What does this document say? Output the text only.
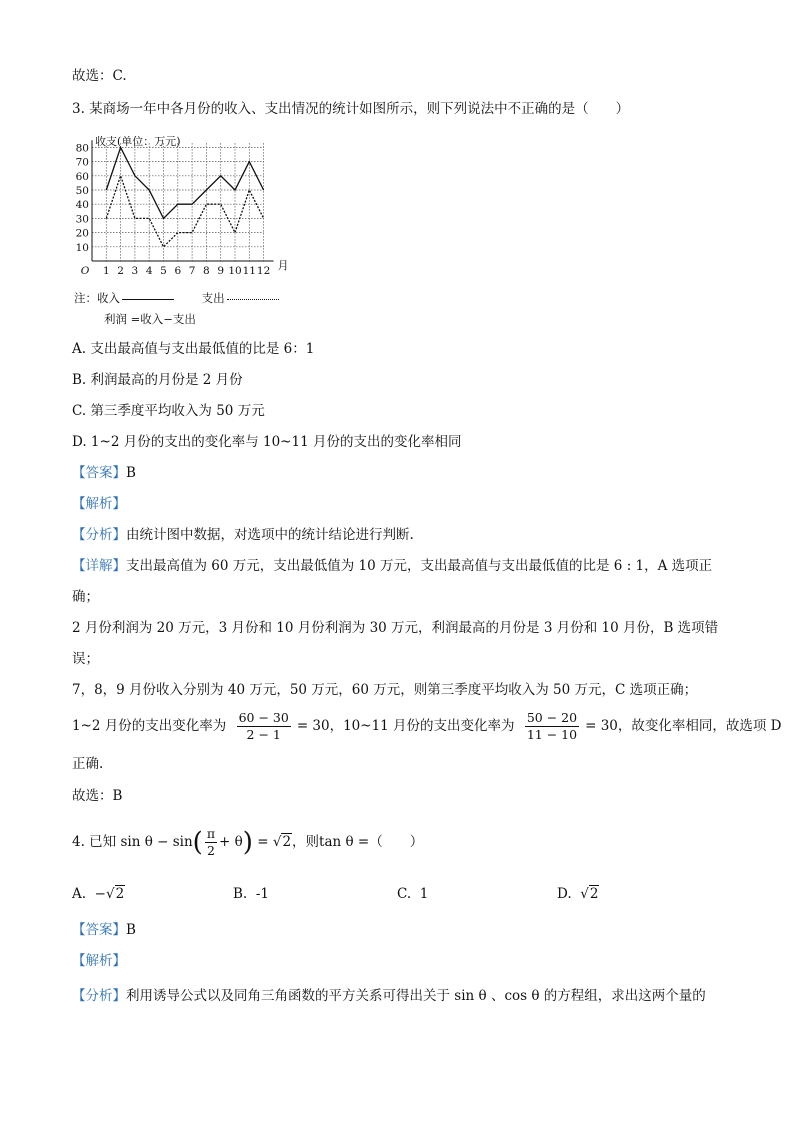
故选：C.
3. 某商场一年中各月份的收入、支出情况的统计如图所示，则下列说法中不正确的是（　　）
10
20
30
40
50
60
70
80
O 1 2 3 4 5 6 7 8 9 10 11 12 月
收支(单位：万元)
注：收入	支出
利润 =收入−支出
A. 支出最高值与支出最低值的比是 6：1
B. 利润最高的月份是 2 月份
C. 第三季度平均收入为 50 万元
D. 1~2 月份的支出的变化率与 10~11 月份的支出的变化率相同
【答案】B
【解析】
【分析】由统计图中数据，对选项中的统计结论进行判断.
【详解】支出最高值为 60 万元，支出最低值为 10 万元，支出最高值与支出最低值的比是 6 : 1，A 选项正
确；
2 月份利润为 20 万元，3 月份和 10 月份利润为 30 万元，利润最高的月份是 3 月份和 10 月份，B 选项错
误；
7，8，9 月份收入分别为 40 万元，50 万元，60 万元，则第三季度平均收入为 50 万元，C 选项正确；
1~2 月份的支出变化率为 $\frac{60 - 30}{2 - 1} = 30$，10~11 月份的支出变化率为 $\frac{50 - 20}{11 - 10} = 30$，故变化率相同，故选项 D
正确.
故选：B
4. 已知 $\sin \theta - \sin( \frac{\pi}{2} + \theta) = √2$，则tan θ =（　　）
A. −√2	B. -1	C. 1	D. √2
【答案】B
【解析】
【分析】利用诱导公式以及同角三角函数的平方关系可得出关于 sin θ 、cos θ 的方程组，求出这两个量的
